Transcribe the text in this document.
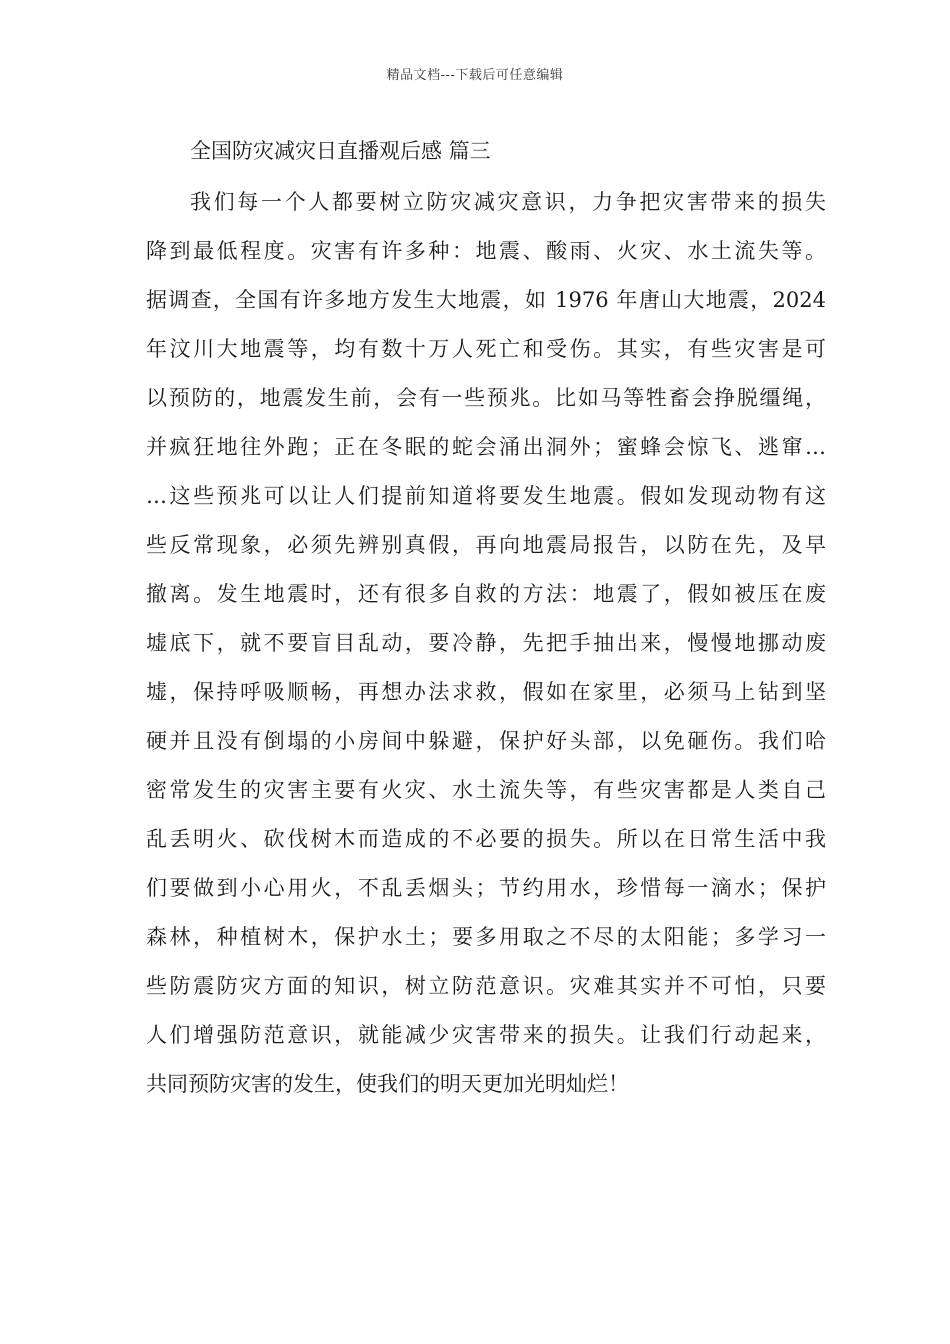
精品文档---下载后可任意编辑
全国防灾减灾日直播观后感 篇三
我们每一个人都要树立防灾减灾意识，力争把灾害带来的损失
降到最低程度。灾害有许多种：地震、酸雨、火灾、水土流失等。
据调查，全国有许多地方发生大地震，如 1976 年唐山大地震，2024
年汶川大地震等，均有数十万人死亡和受伤。其实，有些灾害是可
以预防的，地震发生前，会有一些预兆。比如马等牲畜会挣脱缰绳，
并疯狂地往外跑；正在冬眠的蛇会涌出洞外；蜜蜂会惊飞、逃窜…
…这些预兆可以让人们提前知道将要发生地震。假如发现动物有这
些反常现象，必须先辨别真假，再向地震局报告，以防在先，及早
撤离。发生地震时，还有很多自救的方法：地震了，假如被压在废
墟底下，就不要盲目乱动，要冷静，先把手抽出来，慢慢地挪动废
墟，保持呼吸顺畅，再想办法求救，假如在家里，必须马上钻到坚
硬并且没有倒塌的小房间中躲避，保护好头部，以免砸伤。我们哈
密常发生的灾害主要有火灾、水土流失等，有些灾害都是人类自己
乱丢明火、砍伐树木而造成的不必要的损失。所以在日常生活中我
们要做到小心用火，不乱丢烟头；节约用水，珍惜每一滴水；保护
森林，种植树木，保护水土；要多用取之不尽的太阳能；多学习一
些防震防灾方面的知识，树立防范意识。灾难其实并不可怕，只要
人们增强防范意识，就能减少灾害带来的损失。让我们行动起来，
共同预防灾害的发生，使我们的明天更加光明灿烂！
